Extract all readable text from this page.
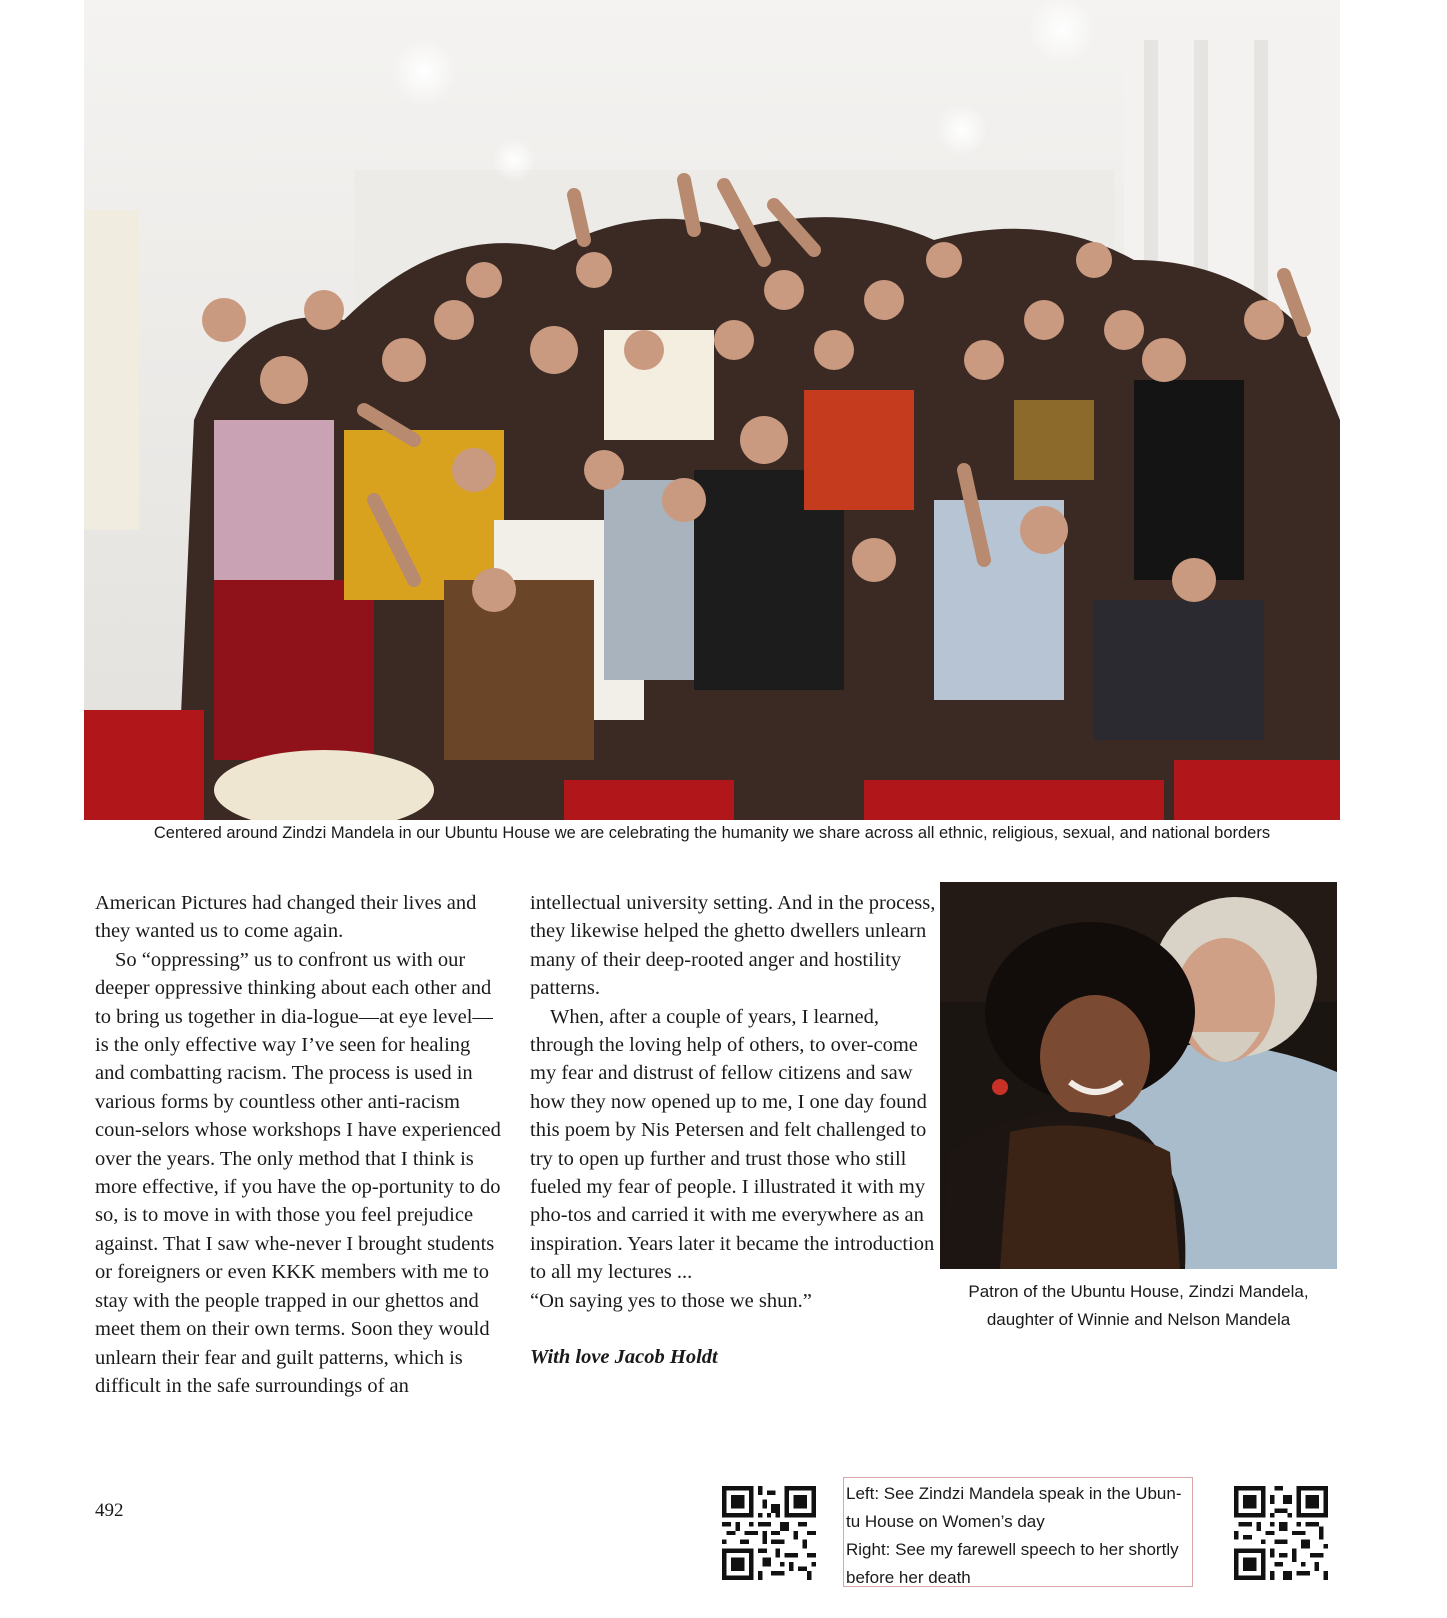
Centered around Zindzi Mandela in our Ubuntu House we are celebrating the humanity we share across all ethnic, religious, sexual, and national borders

American Pictures had changed their lives and they wanted us to come again.

So “oppressing” us to confront us with our deeper oppressive thinking about each other and to bring us together in dia-logue—at eye level—is the only effective way I’ve seen for healing and combatting racism. The process is used in various forms by countless other anti-racism coun-selors whose workshops I have experienced over the years. The only method that I think is more effective, if you have the op-portunity to do so, is to move in with those you feel prejudice against. That I saw whe-never I brought students or foreigners or even KKK members with me to stay with the people trapped in our ghettos and meet them on their own terms. Soon they would unlearn their fear and guilt patterns, which is difficult in the safe surroundings of an

intellectual university setting. And in the process, they likewise helped the ghetto dwellers unlearn many of their deep-rooted anger and hostility patterns.

When, after a couple of years, I learned, through the loving help of others, to over-come my fear and distrust of fellow citizens and saw how they now opened up to me, I one day found this poem by Nis Petersen and felt challenged to try to open up further and trust those who still fueled my fear of people. I illustrated it with my pho-tos and carried it with me everywhere as an inspiration. Years later it became the introduction to all my lectures ...

“On saying yes to those we shun.”

With love Jacob Holdt

Patron of the Ubuntu House, Zindzi Mandela,
daughter of Winnie and Nelson Mandela
492
Left: See Zindzi Mandela speak in the Ubun-
tu House on Women’s day
Right: See my farewell speech to her shortly
before her death
